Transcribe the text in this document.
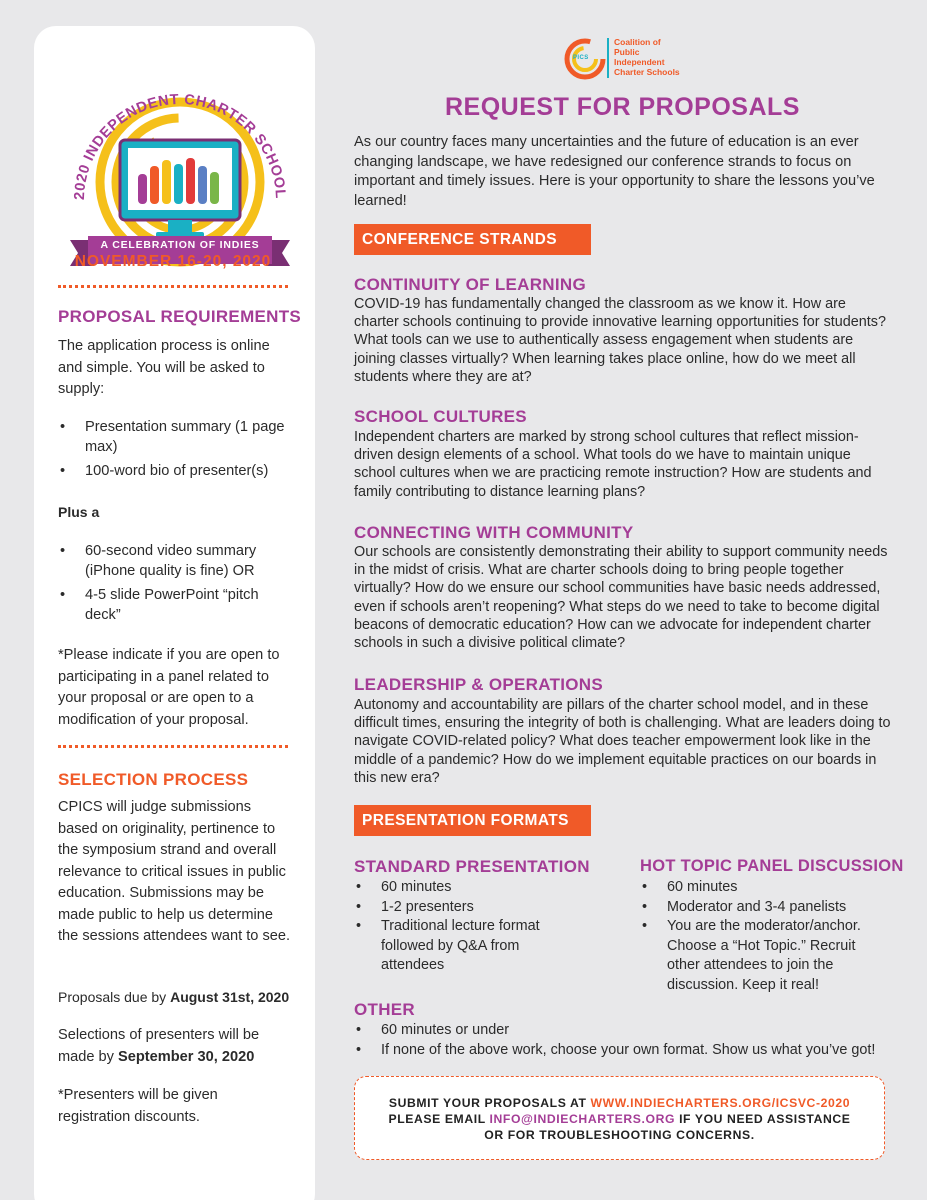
2020 INDEPENDENT CHARTER SCHOOL
A CELEBRATION OF INDIES
NOVEMBER 16-20, 2020
PROPOSAL REQUIREMENTS
The application process is online and simple. You will be asked to supply:
• Presentation summary (1 page max)
• 100-word bio of presenter(s)
Plus a
• 60-second video summary (iPhone quality is fine) OR
• 4-5 slide PowerPoint “pitch deck”
*Please indicate if you are open to participating in a panel related to your proposal or are open to a modification of your proposal.
SELECTION PROCESS
CPICS will judge submissions based on originality, pertinence to the symposium strand and overall relevance to critical issues in public education. Submissions may be made public to help us determine the sessions attendees want to see.
Proposals due by August 31st, 2020
Selections of presenters will be made by September 30, 2020
*Presenters will be given registration discounts.
PICS
Coalition of
Public
Independent
Charter Schools
REQUEST FOR PROPOSALS
As our country faces many uncertainties and the future of education is an ever changing landscape, we have redesigned our conference strands to focus on important and timely issues. Here is your opportunity to share the lessons you’ve learned!
CONFERENCE STRANDS
CONTINUITY OF LEARNING
COVID-19 has fundamentally changed the classroom as we know it. How are charter schools continuing to provide innovative learning opportunities for students? What tools can we use to authentically assess engagement when students are joining classes virtually? When learning takes place online, how do we meet all students where they are at?
SCHOOL CULTURES
Independent charters are marked by strong school cultures that reflect mission-driven design elements of a school. What tools do we have to maintain unique school cultures when we are practicing remote instruction? How are students and family contributing to distance learning plans?
CONNECTING WITH COMMUNITY
Our schools are consistently demonstrating their ability to support community needs in the midst of crisis. What are charter schools doing to bring people together virtually? How do we ensure our school communities have basic needs addressed, even if schools aren’t reopening? What steps do we need to take to become digital beacons of democratic education? How can we advocate for independent charter schools in such a divisive political climate?
LEADERSHIP & OPERATIONS
Autonomy and accountability are pillars of the charter school model, and in these difficult times, ensuring the integrity of both is challenging. What are leaders doing to navigate COVID-related policy? What does teacher empowerment look like in the middle of a pandemic? How do we implement equitable practices on our boards in this new era?
PRESENTATION FORMATS
STANDARD PRESENTATION
• 60 minutes
• 1-2 presenters
• Traditional lecture format followed by Q&A from attendees
HOT TOPIC PANEL DISCUSSION
• 60 minutes
• Moderator and 3-4 panelists
• You are the moderator/anchor. Choose a “Hot Topic.” Recruit other attendees to join the discussion. Keep it real!
OTHER
• 60 minutes or under
• If none of the above work, choose your own format. Show us what you’ve got!
SUBMIT YOUR PROPOSALS AT WWW.INDIECHARTERS.ORG/ICSVC-2020
PLEASE EMAIL INFO@INDIECHARTERS.ORG IF YOU NEED ASSISTANCE
OR FOR TROUBLESHOOTING CONCERNS.
